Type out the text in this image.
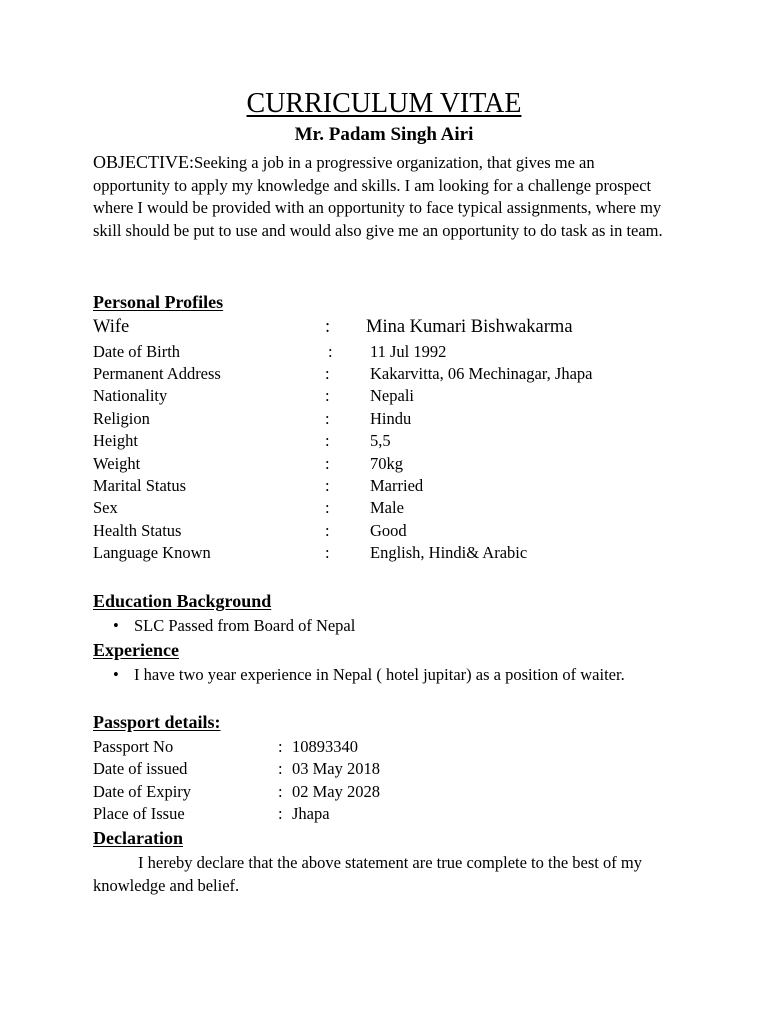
CURRICULUM VITAE
Mr. Padam Singh Airi
OBJECTIVE:Seeking a job in a progressive organization, that gives me an opportunity to apply my knowledge and skills. I am looking for a challenge prospect where I would be provided with an opportunity to face typical assignments, where my skill should be put to use and would also give me an opportunity to do task as in team.
Personal Profiles
Wife	: Mina Kumari Bishwakarma
Date of Birth	: 11 Jul 1992
Permanent Address	: Kakarvitta, 06 Mechinagar, Jhapa
Nationality	: Nepali
Religion	: Hindu
Height	: 5,5
Weight	: 70kg
Marital Status	: Married
Sex	: Male
Health Status	: Good
Language Known	: English, Hindi& Arabic
Education Background
• SLC Passed from Board of Nepal
Experience
• I have two year experience in Nepal ( hotel jupitar) as a position of waiter.
Passport details:
Passport No	: 10893340
Date of issued	: 03 May 2018
Date of Expiry	: 02 May 2028
Place of Issue	: Jhapa
Declaration
I hereby declare that the above statement are true complete to the best of my knowledge and belief.
